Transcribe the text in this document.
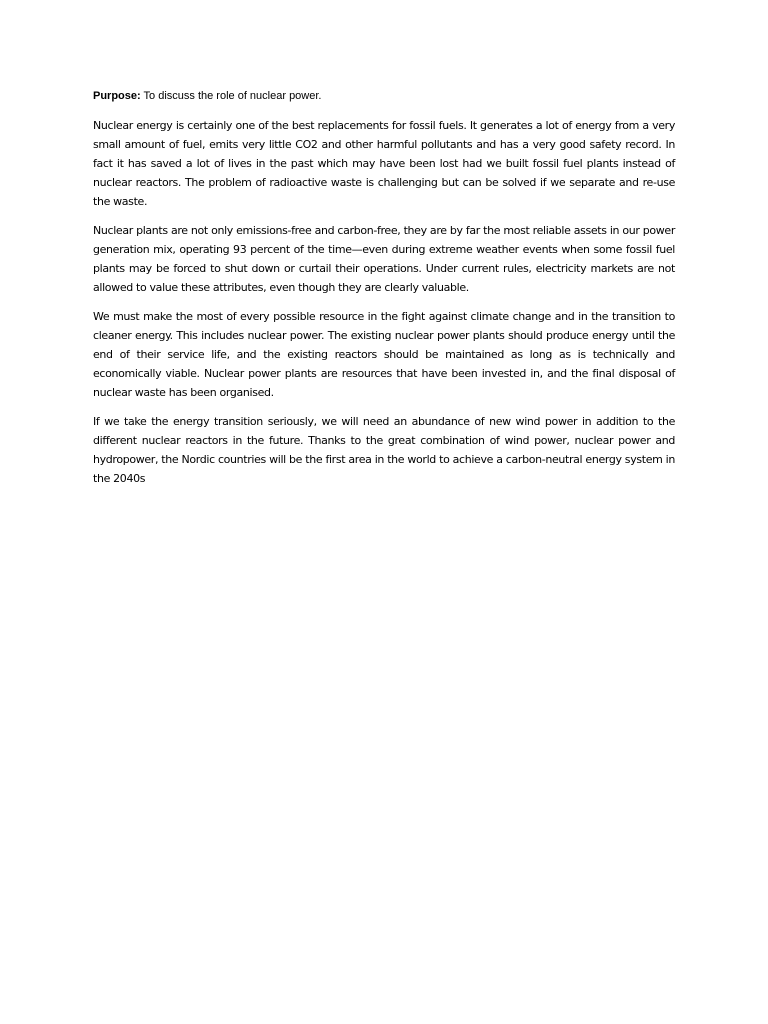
Purpose: To discuss the role of nuclear power.

Nuclear energy is certainly one of the best replacements for fossil fuels. It generates a lot of energy from a very small amount of fuel, emits very little CO2 and other harmful pollutants and has a very good safety record. In fact it has saved a lot of lives in the past which may have been lost had we built fossil fuel plants instead of nuclear reactors. The problem of radioactive waste is challenging but can be solved if we separate and re-use the waste.

Nuclear plants are not only emissions-free and carbon-free, they are by far the most reliable assets in our power generation mix, operating 93 percent of the time—even during extreme weather events when some fossil fuel plants may be forced to shut down or curtail their operations. Under current rules, electricity markets are not allowed to value these attributes, even though they are clearly valuable.

We must make the most of every possible resource in the fight against climate change and in the transition to cleaner energy. This includes nuclear power. The existing nuclear power plants should produce energy until the end of their service life, and the existing reactors should be maintained as long as is technically and economically viable. Nuclear power plants are resources that have been invested in, and the final disposal of nuclear waste has been organised.

If we take the energy transition seriously, we will need an abundance of new wind power in addition to the different nuclear reactors in the future. Thanks to the great combination of wind power, nuclear power and hydropower, the Nordic countries will be the first area in the world to achieve a carbon-neutral energy system in the 2040s
